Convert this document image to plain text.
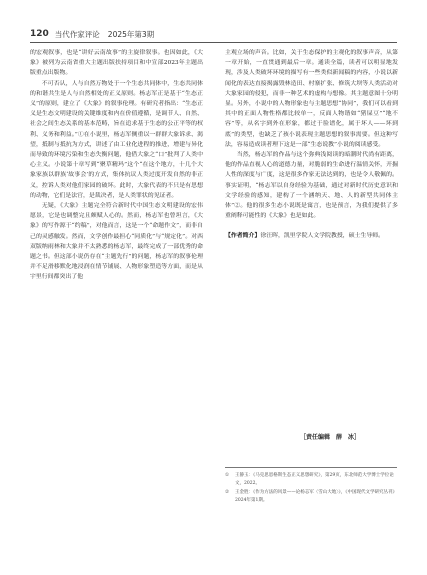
120 当代作家评论 2025年第3期

的宏观叙事，也是“讲好云南故事”的主旋律叙事。也因如此，《大象》被列为云南省重大主题出版扶持项目和中宣部2023年主题出版重点出版物。

不可否认，人与自然万物处于一个生态共同体中，生态共同体的和谐共生是人与自然相处的正义原则。杨志军正是基于“生态正义”的原则，建立了《大象》的叙事伦理。有研究者指出：“生态正义是生态文明建设的关键维度和内在价值遵循，是调节人、自然、社会之间生态关系的基本范畴，旨在追求基于生态的公正平等的权利、义务和利益。”①在小说里，杨志军侧重以一群群大象诉求、渴望，抵制与抵抗为方式，讲述了由工业化进程的推进，增建与异化而导致的环境污染和生态失衡问题，他借大象之“口”批判了人类中心主义。小说第十章写到“聚草精玛”这个“在这个地方，十几个大象家族以群族‘故事会’的方式，集体抗议人类过度开发自然的非正义，控诉人类对他们家园的破坏。此时，大象代表的不只是有思想的动物，它们是法官，是裁决者，是人类罪状的见证者。

无疑，《大象》主题完全符合新时代中国生态文明建设的宏伟愿景，它是也调整完且颇赋人心的。然而，杨志军也曾坦言，《大象》的写作源于“约稿”，对他而言，这是一个“命题作文”，而非自己的灵感触发。然而，文学创作最担心“同质化”与“规定化”。对西双版纳雨林和大象并不太熟悉的杨志军，最终完成了一部优秀的命题之书。但这部小说仍存在“主题先行”的问题，杨志军的叙事伦理并不足滑移默化地浸润在情节铺展、人物形象塑造等方面，而是从宇里行间都突出了他

主观立场的声音。比如，关于生态保护的主观化的叙事声音，从第一章开始，一直贯通到最后一章。通读全篇，读者可以明显地发现，涉及人类破坏环境的描写有一些类似新闻稿的内容，小说以新闻化的表达直接揭露毁林造田、村寨扩张、修筑大坝等人类活动对大象家园的侵犯，而非一种艺术的虚构与想像。其主题意图十分明显。另外，小说中的人物形象也与主题思想“协同”，我们可以看到其中的正面人物性格都比较单一，反面人物谐如“猪屎豆”“地不容”等，从名字到外在形象，都过于脸谱化，属于坏人——坏到底”的类型，也缺乏了孩小说表现主题思想的叙事需要。但这种写法，容易造成读者理下这是一部“生态说教”小说的阅读感受。

当然，杨志军的作品与这个弥典浅阅读的暗潮时代尚有距离，他的作品直视人心的道德力量，对脆弱的生命进行温情关怀，开掘人性的深度与广度，这是很多作家无法达到的，也是令人敬佩的。事实证明，“杨志军以自身经验为基础，通过对新时代历史意识和文学经验的感知，建构了一个涵纳天、地、人的新型共同体主体”②。他的很多生态小说既是寓言，也是预言，为我们提供了多重阐释可能性的《大象》也是如此。

【作者简介】徐汪晖，凯里学院人文学院教授，硕士生导师。

［责任编辑　薛　冰］
①	王静玉：《马克思恩格斯生态正义思想研究》，第29页，东北师范大学博士学位论文，2022。
②	王金胜：《作为方法的风景——论杨志军〈雪山大地〉》，《中国现代文学研究丛刊》2024年第1期。
